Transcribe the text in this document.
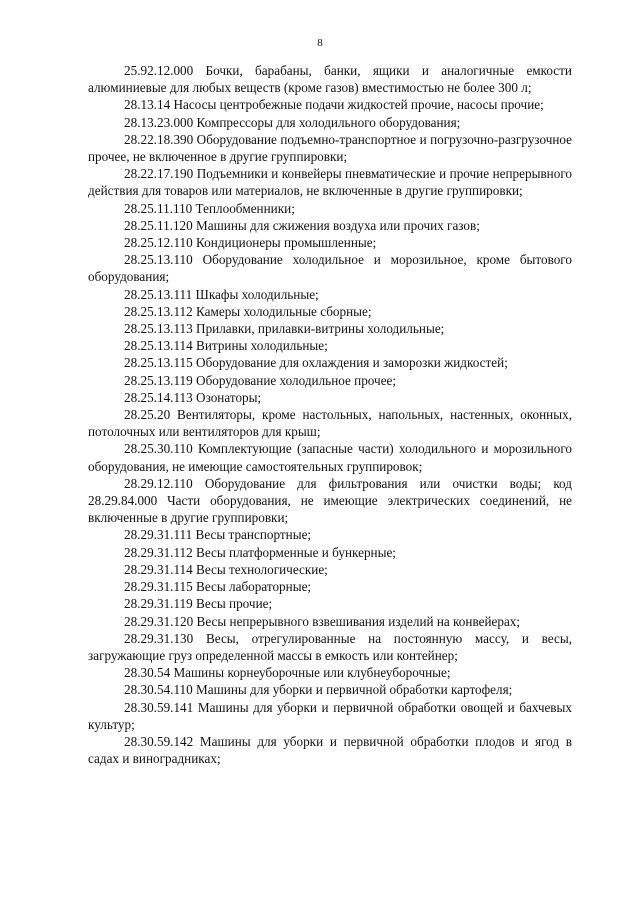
8

25.92.12.000 Бочки, барабаны, банки, ящики и аналогичные емкости алюминиевые для любых веществ (кроме газов) вместимостью не более 300 л;

28.13.14 Насосы центробежные подачи жидкостей прочие, насосы прочие;

28.13.23.000 Компрессоры для холодильного оборудования;

28.22.18.390 Оборудование подъемно-транспортное и погрузочно-разгрузочное прочее, не включенное в другие группировки;

28.22.17.190 Подъемники и конвейеры пневматические и прочие непрерывного действия для товаров или материалов, не включенные в другие группировки;

28.25.11.110 Теплообменники;

28.25.11.120 Машины для сжижения воздуха или прочих газов;

28.25.12.110 Кондиционеры промышленные;

28.25.13.110 Оборудование холодильное и морозильное, кроме бытового оборудования;

28.25.13.111 Шкафы холодильные;

28.25.13.112 Камеры холодильные сборные;

28.25.13.113 Прилавки, прилавки-витрины холодильные;

28.25.13.114 Витрины холодильные;

28.25.13.115 Оборудование для охлаждения и заморозки жидкостей;

28.25.13.119 Оборудование холодильное прочее;

28.25.14.113 Озонаторы;

28.25.20 Вентиляторы, кроме настольных, напольных, настенных, оконных, потолочных или вентиляторов для крыш;

28.25.30.110 Комплектующие (запасные части) холодильного и морозильного оборудования, не имеющие самостоятельных группировок;

28.29.12.110 Оборудование для фильтрования или очистки воды; код 28.29.84.000 Части оборудования, не имеющие электрических соединений, не включенные в другие группировки;

28.29.31.111 Весы транспортные;

28.29.31.112 Весы платформенные и бункерные;

28.29.31.114 Весы технологические;

28.29.31.115 Весы лабораторные;

28.29.31.119 Весы прочие;

28.29.31.120 Весы непрерывного взвешивания изделий на конвейерах;

28.29.31.130 Весы, отрегулированные на постоянную массу, и весы, загружающие груз определенной массы в емкость или контейнер;

28.30.54 Машины корнеуборочные или клубнеуборочные;

28.30.54.110 Машины для уборки и первичной обработки картофеля;

28.30.59.141 Машины для уборки и первичной обработки овощей и бахчевых культур;

28.30.59.142 Машины для уборки и первичной обработки плодов и ягод в садах и виноградниках;
